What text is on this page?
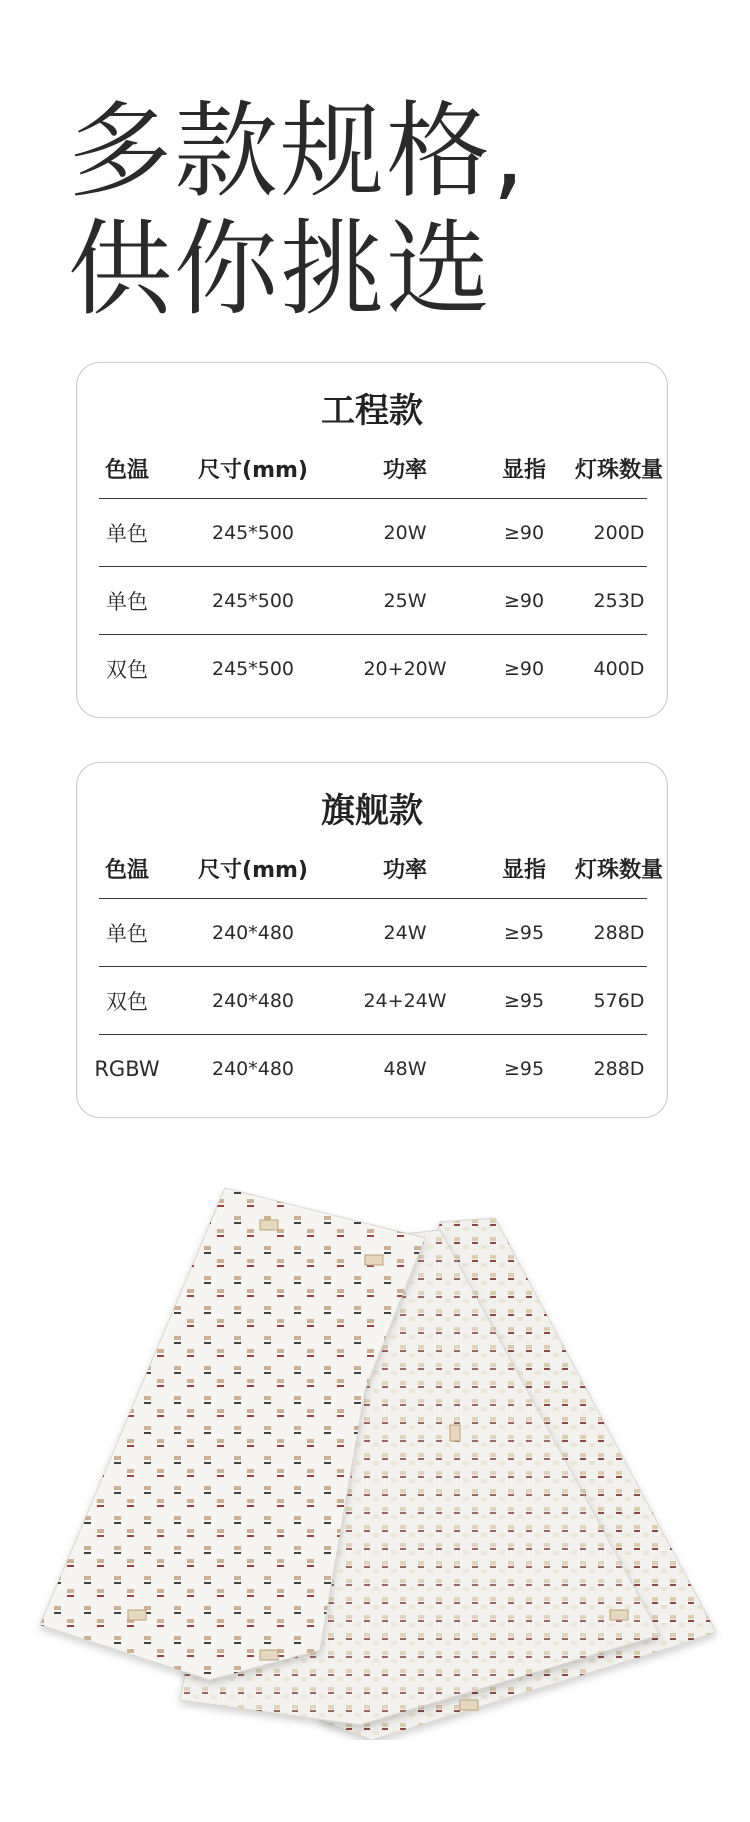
多款规格,
供你挑选
工程款
色温	尺寸(mm)	功率	显指	灯珠数量
单色	245*500	20W	≥90	200D
单色	245*500	25W	≥90	253D
双色	245*500	20+20W	≥90	400D
旗舰款
色温	尺寸(mm)	功率	显指	灯珠数量
单色	240*480	24W	≥95	288D
双色	240*480	24+24W	≥95	576D
RGBW	240*480	48W	≥95	288D
